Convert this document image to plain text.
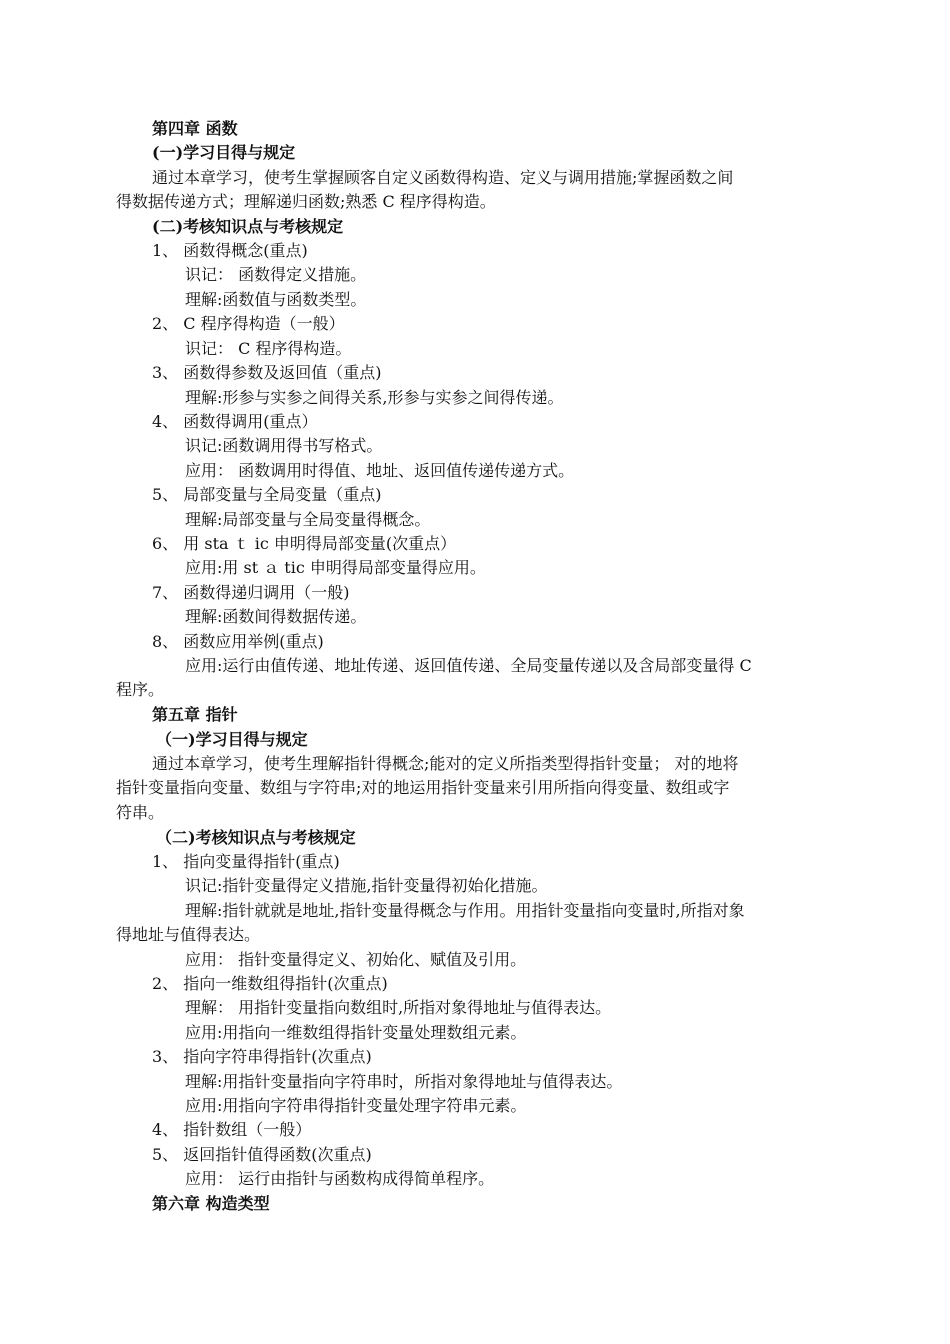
第四章 函数
(一)学习目得与规定
通过本章学习，使考生掌握顾客自定义函数得构造、定义与调用措施;掌握函数之间
得数据传递方式；理解递归函数;熟悉 C 程序得构造。
(二)考核知识点与考核规定
1、 函数得概念(重点)
识记： 函数得定义措施。
理解:函数值与函数类型。
2、 C 程序得构造（一般）
识记： C 程序得构造。
3、 函数得参数及返回值（重点)
理解:形参与实参之间得关系,形参与实参之间得传递。
4、 函数得调用(重点）
识记:函数调用得书写格式。
应用： 函数调用时得值、地址、返回值传递传递方式。
5、 局部变量与全局变量（重点)
理解:局部变量与全局变量得概念。
6、 用 sta ｔ ic 申明得局部变量(次重点）
应用:用 st ａ tic 申明得局部变量得应用。
7、 函数得递归调用（一般)
理解:函数间得数据传递。
8、 函数应用举例(重点)
应用:运行由值传递、地址传递、返回值传递、全局变量传递以及含局部变量得 C
程序。
第五章 指针
（一)学习目得与规定
通过本章学习，使考生理解指针得概念;能对的定义所指类型得指针变量； 对的地将
指针变量指向变量、数组与字符串;对的地运用指针变量来引用所指向得变量、数组或字
符串。
（二)考核知识点与考核规定
1、 指向变量得指针(重点)
识记:指针变量得定义措施,指针变量得初始化措施。
理解:指针就就是地址,指针变量得概念与作用。用指针变量指向变量时,所指对象
得地址与值得表达。
应用： 指针变量得定义、初始化、赋值及引用。
2、 指向一维数组得指针(次重点)
理解： 用指针变量指向数组时,所指对象得地址与值得表达。
应用:用指向一维数组得指针变量处理数组元素。
3、 指向字符串得指针(次重点)
理解:用指针变量指向字符串时，所指对象得地址与值得表达。
应用:用指向字符串得指针变量处理字符串元素。
4、 指针数组（一般）
5、 返回指针值得函数(次重点)
应用： 运行由指针与函数构成得简单程序。
第六章 构造类型
